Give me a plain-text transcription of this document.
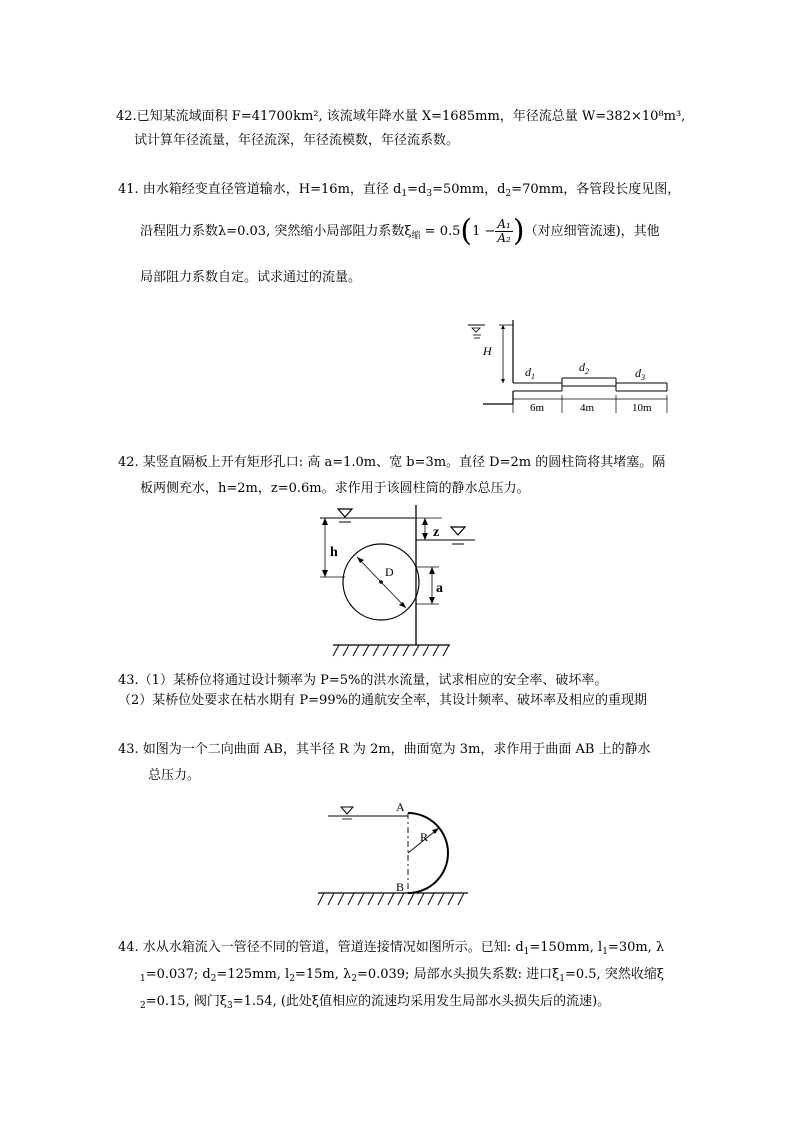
42.已知某流域面积 F=41700km², 该流域年降水量 X=1685mm，年径流总量 W=382×10⁸m³,
试计算年径流量，年径流深，年径流模数，年径流系数。
41. 由水箱经变直径管道输水，H=16m，直径 $d_1=d_3=50mm$，$d_2=70mm$，各管段长度见图，
沿程阻力系数λ=0.03, 突然缩小局部阻力系数$\xi_缩 = 0.5(1 - \frac{\text{A₁}}{\text{A₂}}$ )（对应细管流速)，其他
局部阻力系数自定。试求通过的流量。
H
$d_1$
$d_2$	$d_3$
6m	4m	10m
42. 某竖直隔板上开有矩形孔口: 高 a=1.0m、宽 b=3m。直径 D=2m 的圆柱筒将其堵塞。隔
板两侧充水，h=2m，z=0.6m。求作用于该圆柱筒的静水总压力。
h
z
D
a
43.（1）某桥位将通过设计频率为 P=5%的洪水流量，试求相应的安全率、破坏率。
（2）某桥位处要求在枯水期有 P=99%的通航安全率，其设计频率、破坏率及相应的重现期
43. 如图为一个二向曲面 AB，其半径 R 为 2m，曲面宽为 3m，求作用于曲面 AB 上的静水
总压力。
R
A
B
44. 水从水箱流入一管径不同的管道，管道连接情况如图所示。已知: $d_1=150mm$, $l_1=30m$, λ
$_1$=0.037; $d_2=125mm$, $l_2=15m$, $\lambda_2=0.039$; 局部水头损失系数: 进口$\xi_1=0.5$, 突然收缩ξ
$_2$=0.15, 阀门$\xi_3=1.54$, (此处ξ值相应的流速均采用发生局部水头损失后的流速)。
